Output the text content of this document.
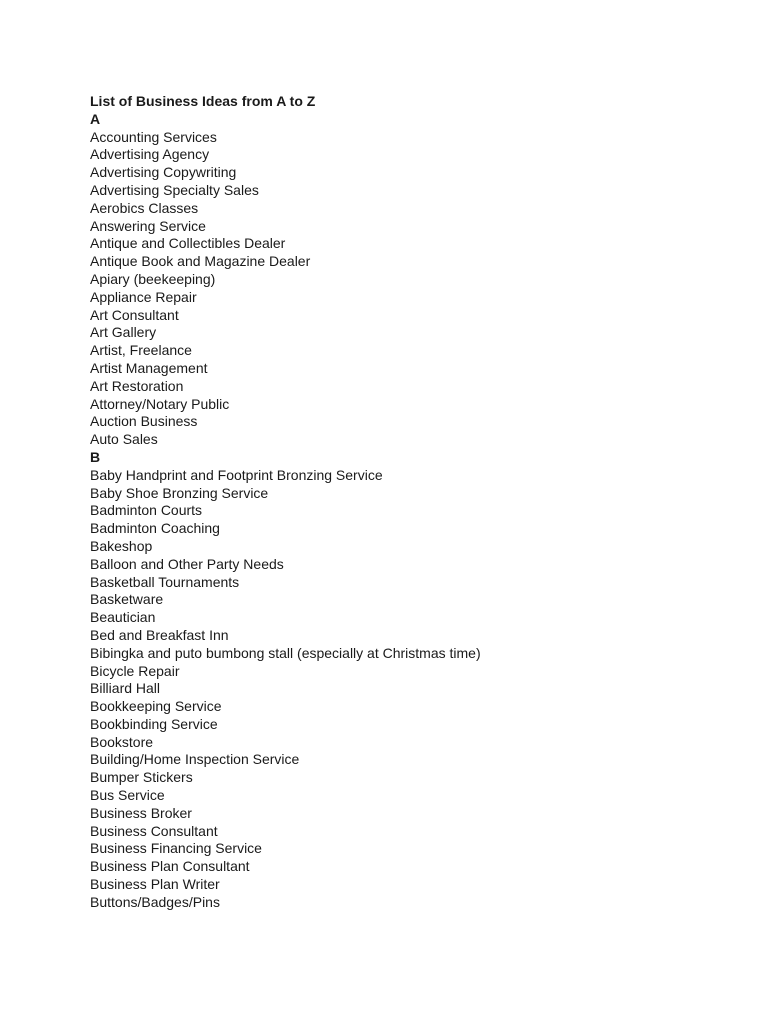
List of Business Ideas from A to Z
A
Accounting Services
Advertising Agency
Advertising Copywriting
Advertising Specialty Sales
Aerobics Classes
Answering Service
Antique and Collectibles Dealer
Antique Book and Magazine Dealer
Apiary (beekeeping)
Appliance Repair
Art Consultant
Art Gallery
Artist, Freelance
Artist Management
Art Restoration
Attorney/Notary Public
Auction Business
Auto Sales
B
Baby Handprint and Footprint Bronzing Service
Baby Shoe Bronzing Service
Badminton Courts
Badminton Coaching
Bakeshop
Balloon and Other Party Needs
Basketball Tournaments
Basketware
Beautician
Bed and Breakfast Inn
Bibingka and puto bumbong stall (especially at Christmas time)
Bicycle Repair
Billiard Hall
Bookkeeping Service
Bookbinding Service
Bookstore
Building/Home Inspection Service
Bumper Stickers
Bus Service
Business Broker
Business Consultant
Business Financing Service
Business Plan Consultant
Business Plan Writer
Buttons/Badges/Pins
